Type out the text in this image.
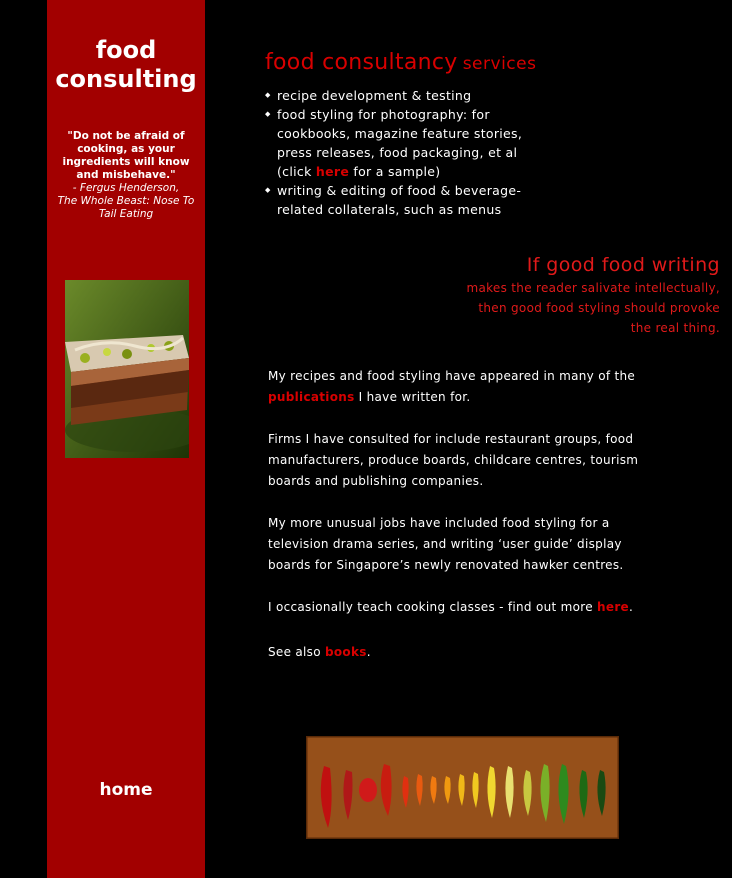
food
consulting
"Do not be afraid of cooking, as your ingredients will know and misbehave."
- Fergus Henderson,
The Whole Beast: Nose To Tail Eating
home
food consultancy services
◆ recipe development & testing
◆ food styling for photography: for
cookbooks, magazine feature stories,
press releases, food packaging, et al
(click here for a sample)
◆ writing & editing of food & beverage-
related collaterals, such as menus
If good food writing
makes the reader salivate intellectually,
then good food styling should provoke
the real thing.

My recipes and food styling have appeared in many of the publications I have written for.

Firms I have consulted for include restaurant groups, food manufacturers, produce boards, childcare centres, tourism boards and publishing companies.

My more unusual jobs have included food styling for a television drama series, and writing ‘user guide’ display boards for Singapore’s newly renovated hawker centres.

I occasionally teach cooking classes - find out more here.

See also books.
